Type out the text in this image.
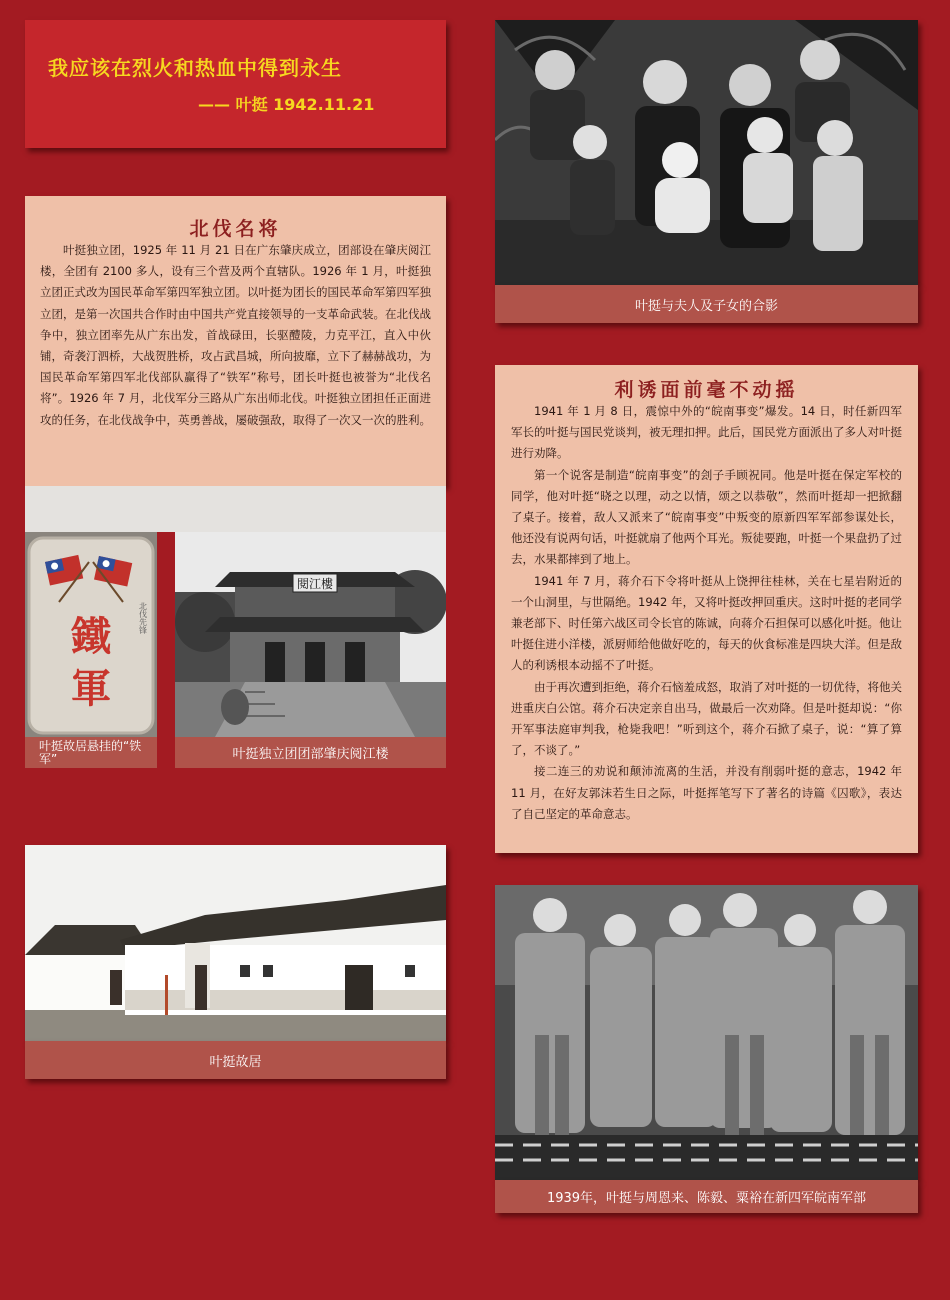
我应该在烈火和热血中得到永生
—— 叶挺 1942.11.21
叶挺与夫人及子女的合影
北伐名将

叶挺独立团，1925 年 11 月 21 日在广东肇庆成立，团部设在肇庆阅江楼，全团有 2100 多人，设有三个营及两个直辖队。1926 年 1 月，叶挺独立团正式改为国民革命军第四军独立团。以叶挺为团长的国民革命军第四军独立团，是第一次国共合作时由中国共产党直接领导的一支革命武装。在北伐战争中，独立团率先从广东出发，首战碌田，长驱醴陵，力克平江，直入中伙铺，奇袭汀泗桥，大战贺胜桥，攻占武昌城，所向披靡，立下了赫赫战功，为国民革命军第四军北伐部队赢得了“铁军”称号，团长叶挺也被誉为“北伐名将”。1926 年 7 月，北伐军分三路从广东出师北伐。叶挺独立团担任正面进攻的任务，在北伐战争中，英勇善战，屡破强敌，取得了一次又一次的胜利。

利诱面前毫不动摇

1941 年 1 月 8 日，震惊中外的“皖南事变”爆发。14 日，时任新四军军长的叶挺与国民党谈判，被无理扣押。此后，国民党方面派出了多人对叶挺进行劝降。

第一个说客是制造“皖南事变”的刽子手顾祝同。他是叶挺在保定军校的同学，他对叶挺“晓之以理，动之以情，颂之以恭敬”，然而叶挺却一把掀翻了桌子。接着，敌人又派来了“皖南事变”中叛变的原新四军军部参谋处长，他还没有说两句话，叶挺就扇了他两个耳光。叛徒要跑，叶挺一个果盘扔了过去，水果都摔到了地上。

1941 年 7 月，蒋介石下令将叶挺从上饶押往桂林，关在七星岩附近的一个山洞里，与世隔绝。1942 年，又将叶挺改押回重庆。这时叶挺的老同学兼老部下、时任第六战区司令长官的陈诚，向蒋介石担保可以感化叶挺。他让叶挺住进小洋楼，派厨师给他做好吃的，每天的伙食标准是四块大洋。但是敌人的利诱根本动摇不了叶挺。

由于再次遭到拒绝，蒋介石恼羞成怒，取消了对叶挺的一切优待，将他关进重庆白公馆。蒋介石决定亲自出马，做最后一次劝降。但是叶挺却说：“你开军事法庭审判我，枪毙我吧！”听到这个，蒋介石掀了桌子，说：“算了算了，不谈了。”

接二连三的劝说和颠沛流离的生活，并没有削弱叶挺的意志，1942 年11 月，在好友郭沫若生日之际，叶挺挥笔写下了著名的诗篇《囚歌》，表达了自己坚定的革命意志。

鐵
軍
北伐先锋
叶挺故居悬挂的“铁军”
閱江樓
叶挺独立团团部肇庆阅江楼
叶挺故居
1939年，叶挺与周恩来、陈毅、粟裕在新四军皖南军部
